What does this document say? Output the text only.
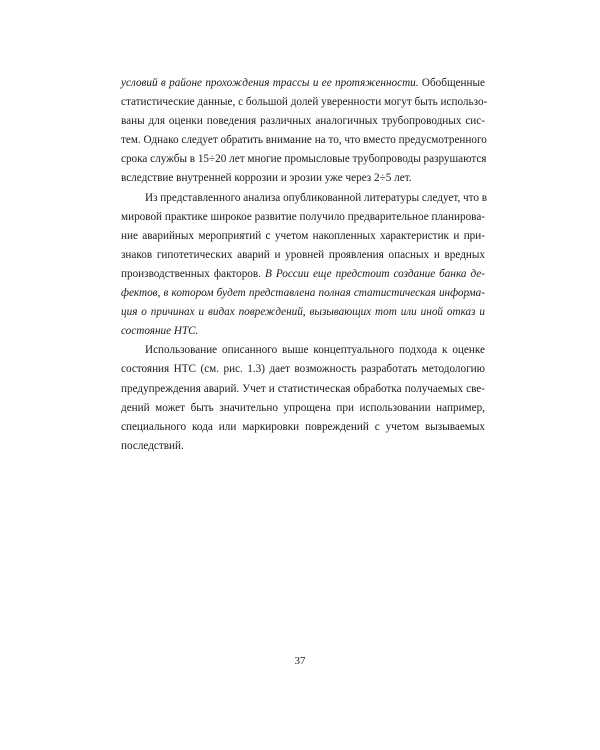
условий в районе прохождения трассы и ее протяженности. Обобщенные
статистические данные, с большой долей уверенности могут быть использо-
ваны для оценки поведения различных аналогичных трубопроводных сис-
тем. Однако следует обратить внимание на то, что вместо предусмотренного
срока службы в 15÷20 лет многие промысловые трубопроводы разрушаются
вследствие внутренней коррозии и эрозии уже через 2÷5 лет.
Из представленного анализа опубликованной литературы следует, что в
мировой практике широкое развитие получило предварительное планирова-
ние аварийных мероприятий с учетом накопленных характеристик и при-
знаков гипотетических аварий и уровней проявления опасных и вредных
производственных факторов. В России еще предстоит создание банка де-
фектов, в котором будет представлена полная статистическая информа-
ция о причинах и видах повреждений, вызывающих тот или иной отказ и
состояние НТС.
Использование описанного выше концептуального подхода к оценке
состояния НТС (см. рис. 1.3) дает возможность разработать методологию
предупреждения аварий. Учет и статистическая обработка получаемых све-
дений может быть значительно упрощена при использовании например,
специального кода или маркировки повреждений с учетом вызываемых
последствий.
37
